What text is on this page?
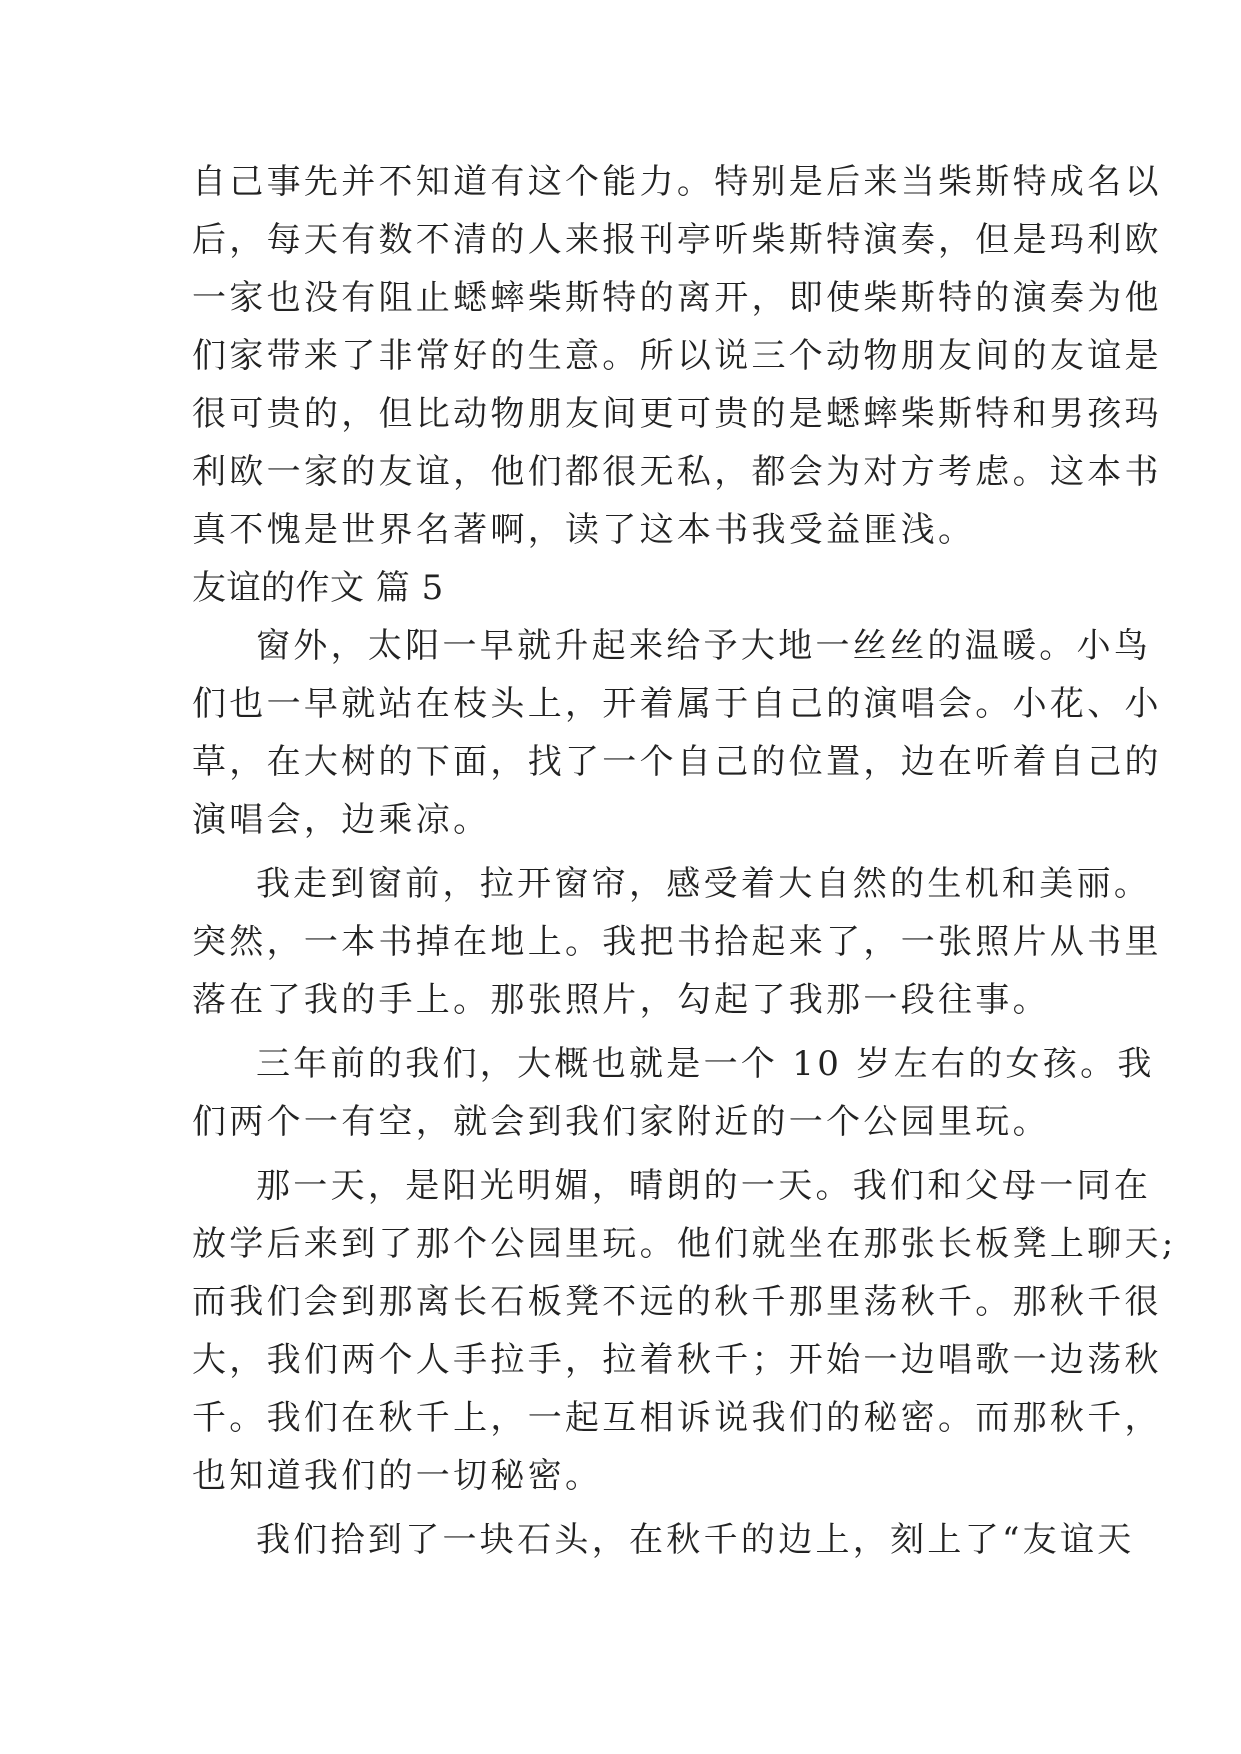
自己事先并不知道有这个能力。特别是后来当柴斯特成名以
后，每天有数不清的人来报刊亭听柴斯特演奏，但是玛利欧
一家也没有阻止蟋蟀柴斯特的离开，即使柴斯特的演奏为他
们家带来了非常好的生意。所以说三个动物朋友间的友谊是
很可贵的，但比动物朋友间更可贵的是蟋蟀柴斯特和男孩玛
利欧一家的友谊，他们都很无私，都会为对方考虑。这本书
真不愧是世界名著啊，读了这本书我受益匪浅。
友谊的作文 篇 5
窗外，太阳一早就升起来给予大地一丝丝的温暖。小鸟
们也一早就站在枝头上，开着属于自己的演唱会。小花、小
草，在大树的下面，找了一个自己的位置，边在听着自己的
演唱会，边乘凉。
我走到窗前，拉开窗帘，感受着大自然的生机和美丽。
突然，一本书掉在地上。我把书拾起来了，一张照片从书里
落在了我的手上。那张照片，勾起了我那一段往事。
三年前的我们，大概也就是一个 10 岁左右的女孩。我
们两个一有空，就会到我们家附近的一个公园里玩。
那一天，是阳光明媚，晴朗的一天。我们和父母一同在
放学后来到了那个公园里玩。他们就坐在那张长板凳上聊天;
而我们会到那离长石板凳不远的秋千那里荡秋千。那秋千很
大，我们两个人手拉手，拉着秋千；开始一边唱歌一边荡秋
千。我们在秋千上，一起互相诉说我们的秘密。而那秋千，
也知道我们的一切秘密。
我们拾到了一块石头，在秋千的边上，刻上了“友谊天
